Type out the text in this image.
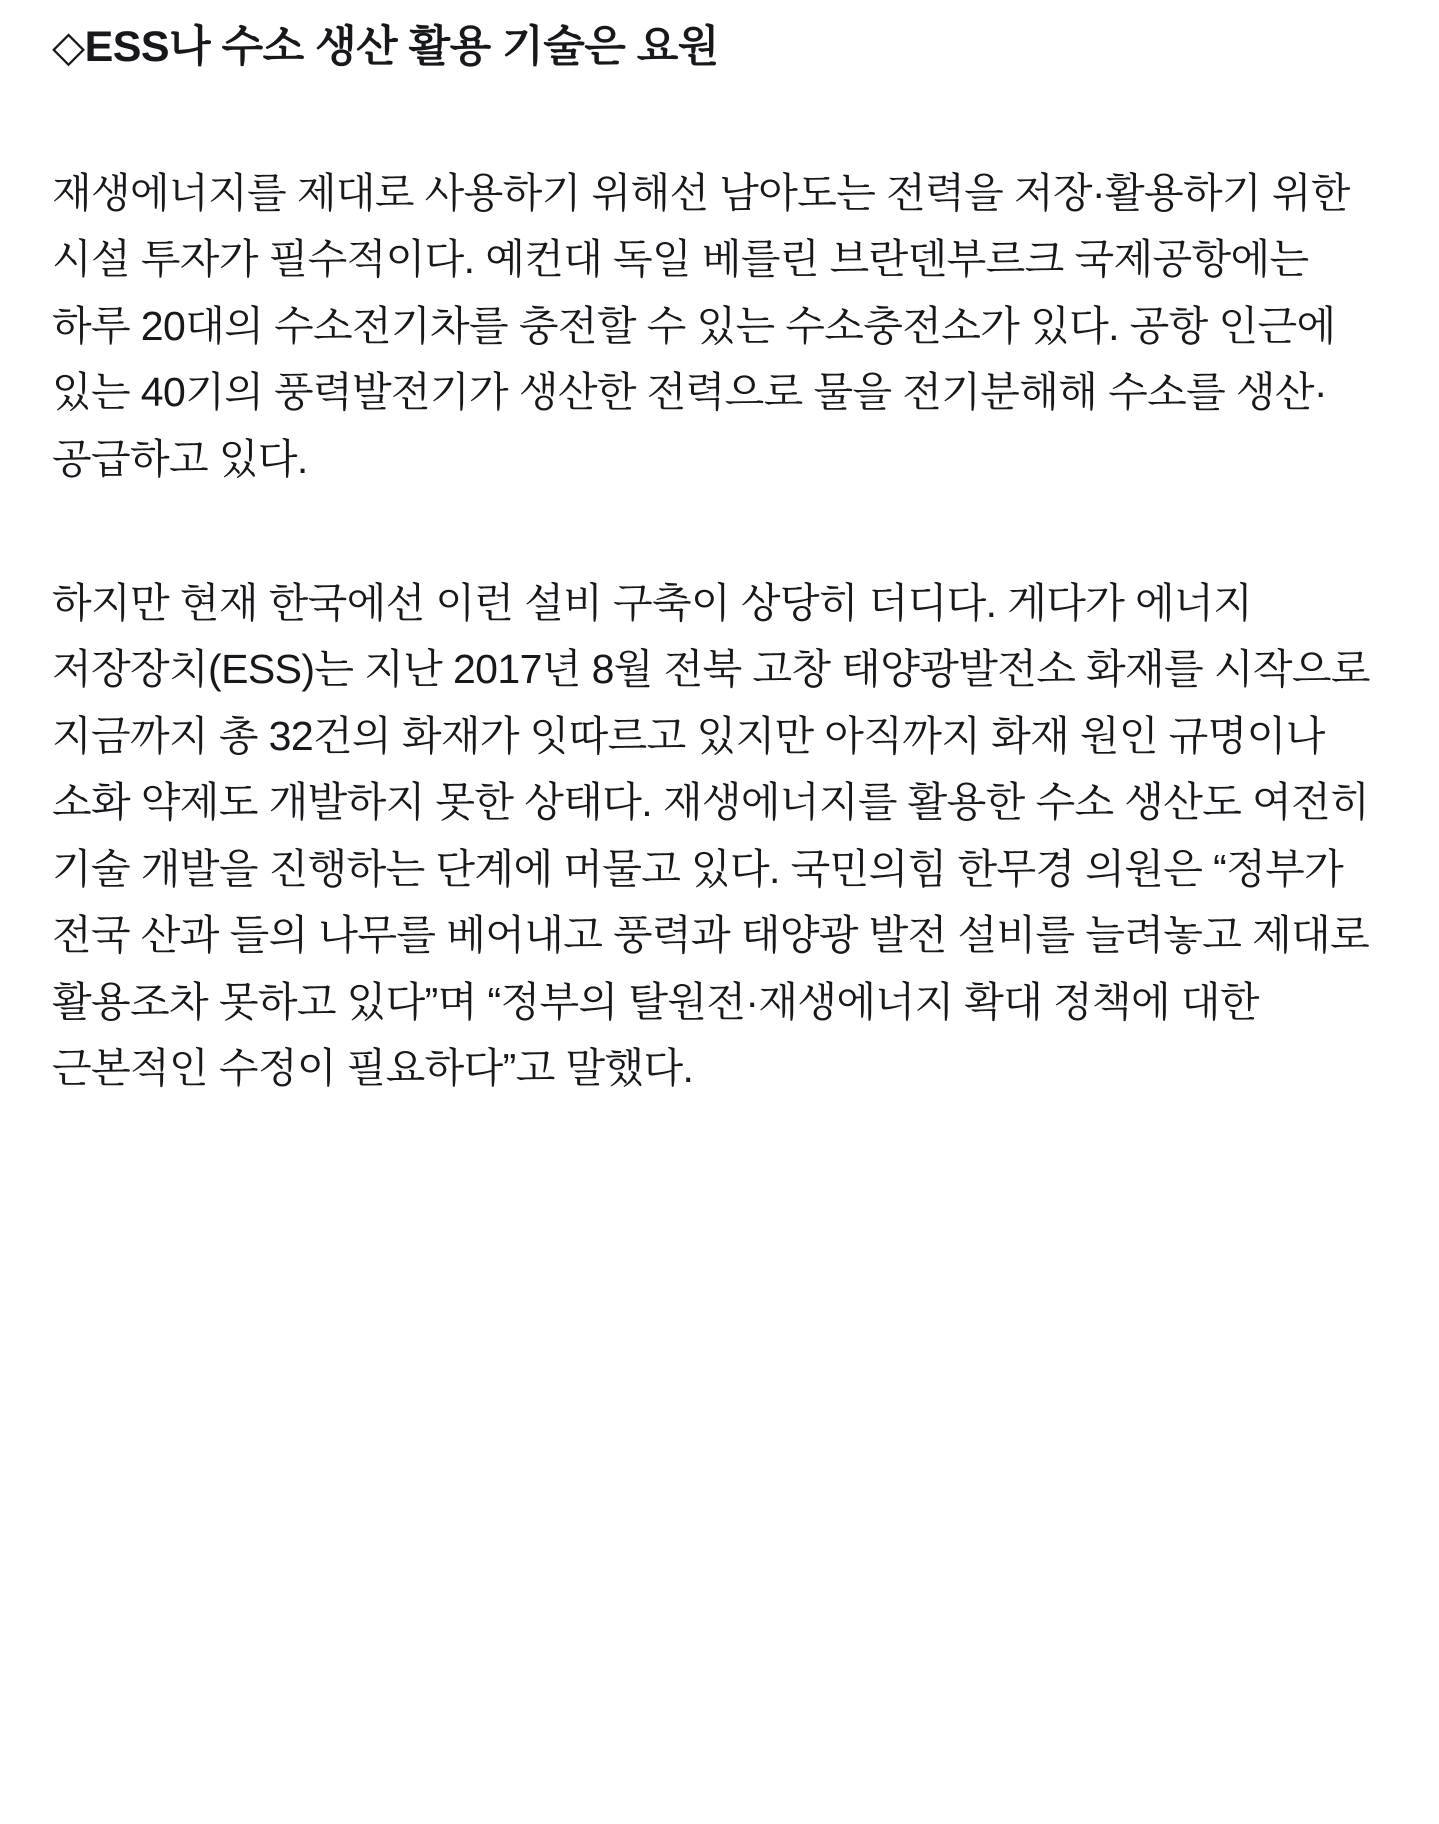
◇ESS나 수소 생산 활용 기술은 요원

재생에너지를 제대로 사용하기 위해선 남아도는 전력을 저장·활용하기 위한 시설 투자가 필수적이다. 예컨대 독일 베를린 브란덴부르크 국제공항에는 하루 20대의 수소전기차를 충전할 수 있는 수소충전소가 있다. 공항 인근에 있는 40기의 풍력발전기가 생산한 전력으로 물을 전기분해해 수소를 생산·공급하고 있다.

하지만 현재 한국에선 이런 설비 구축이 상당히 더디다. 게다가 에너지 저장장치(ESS)는 지난 2017년 8월 전북 고창 태양광발전소 화재를 시작으로 지금까지 총 32건의 화재가 잇따르고 있지만 아직까지 화재 원인 규명이나 소화 약제도 개발하지 못한 상태다. 재생에너지를 활용한 수소 생산도 여전히 기술 개발을 진행하는 단계에 머물고 있다. 국민의힘 한무경 의원은 “정부가 전국 산과 들의 나무를 베어내고 풍력과 태양광 발전 설비를 늘려놓고 제대로 활용조차 못하고 있다”며 “정부의 탈원전·재생에너지 확대 정책에 대한 근본적인 수정이 필요하다”고 말했다.
